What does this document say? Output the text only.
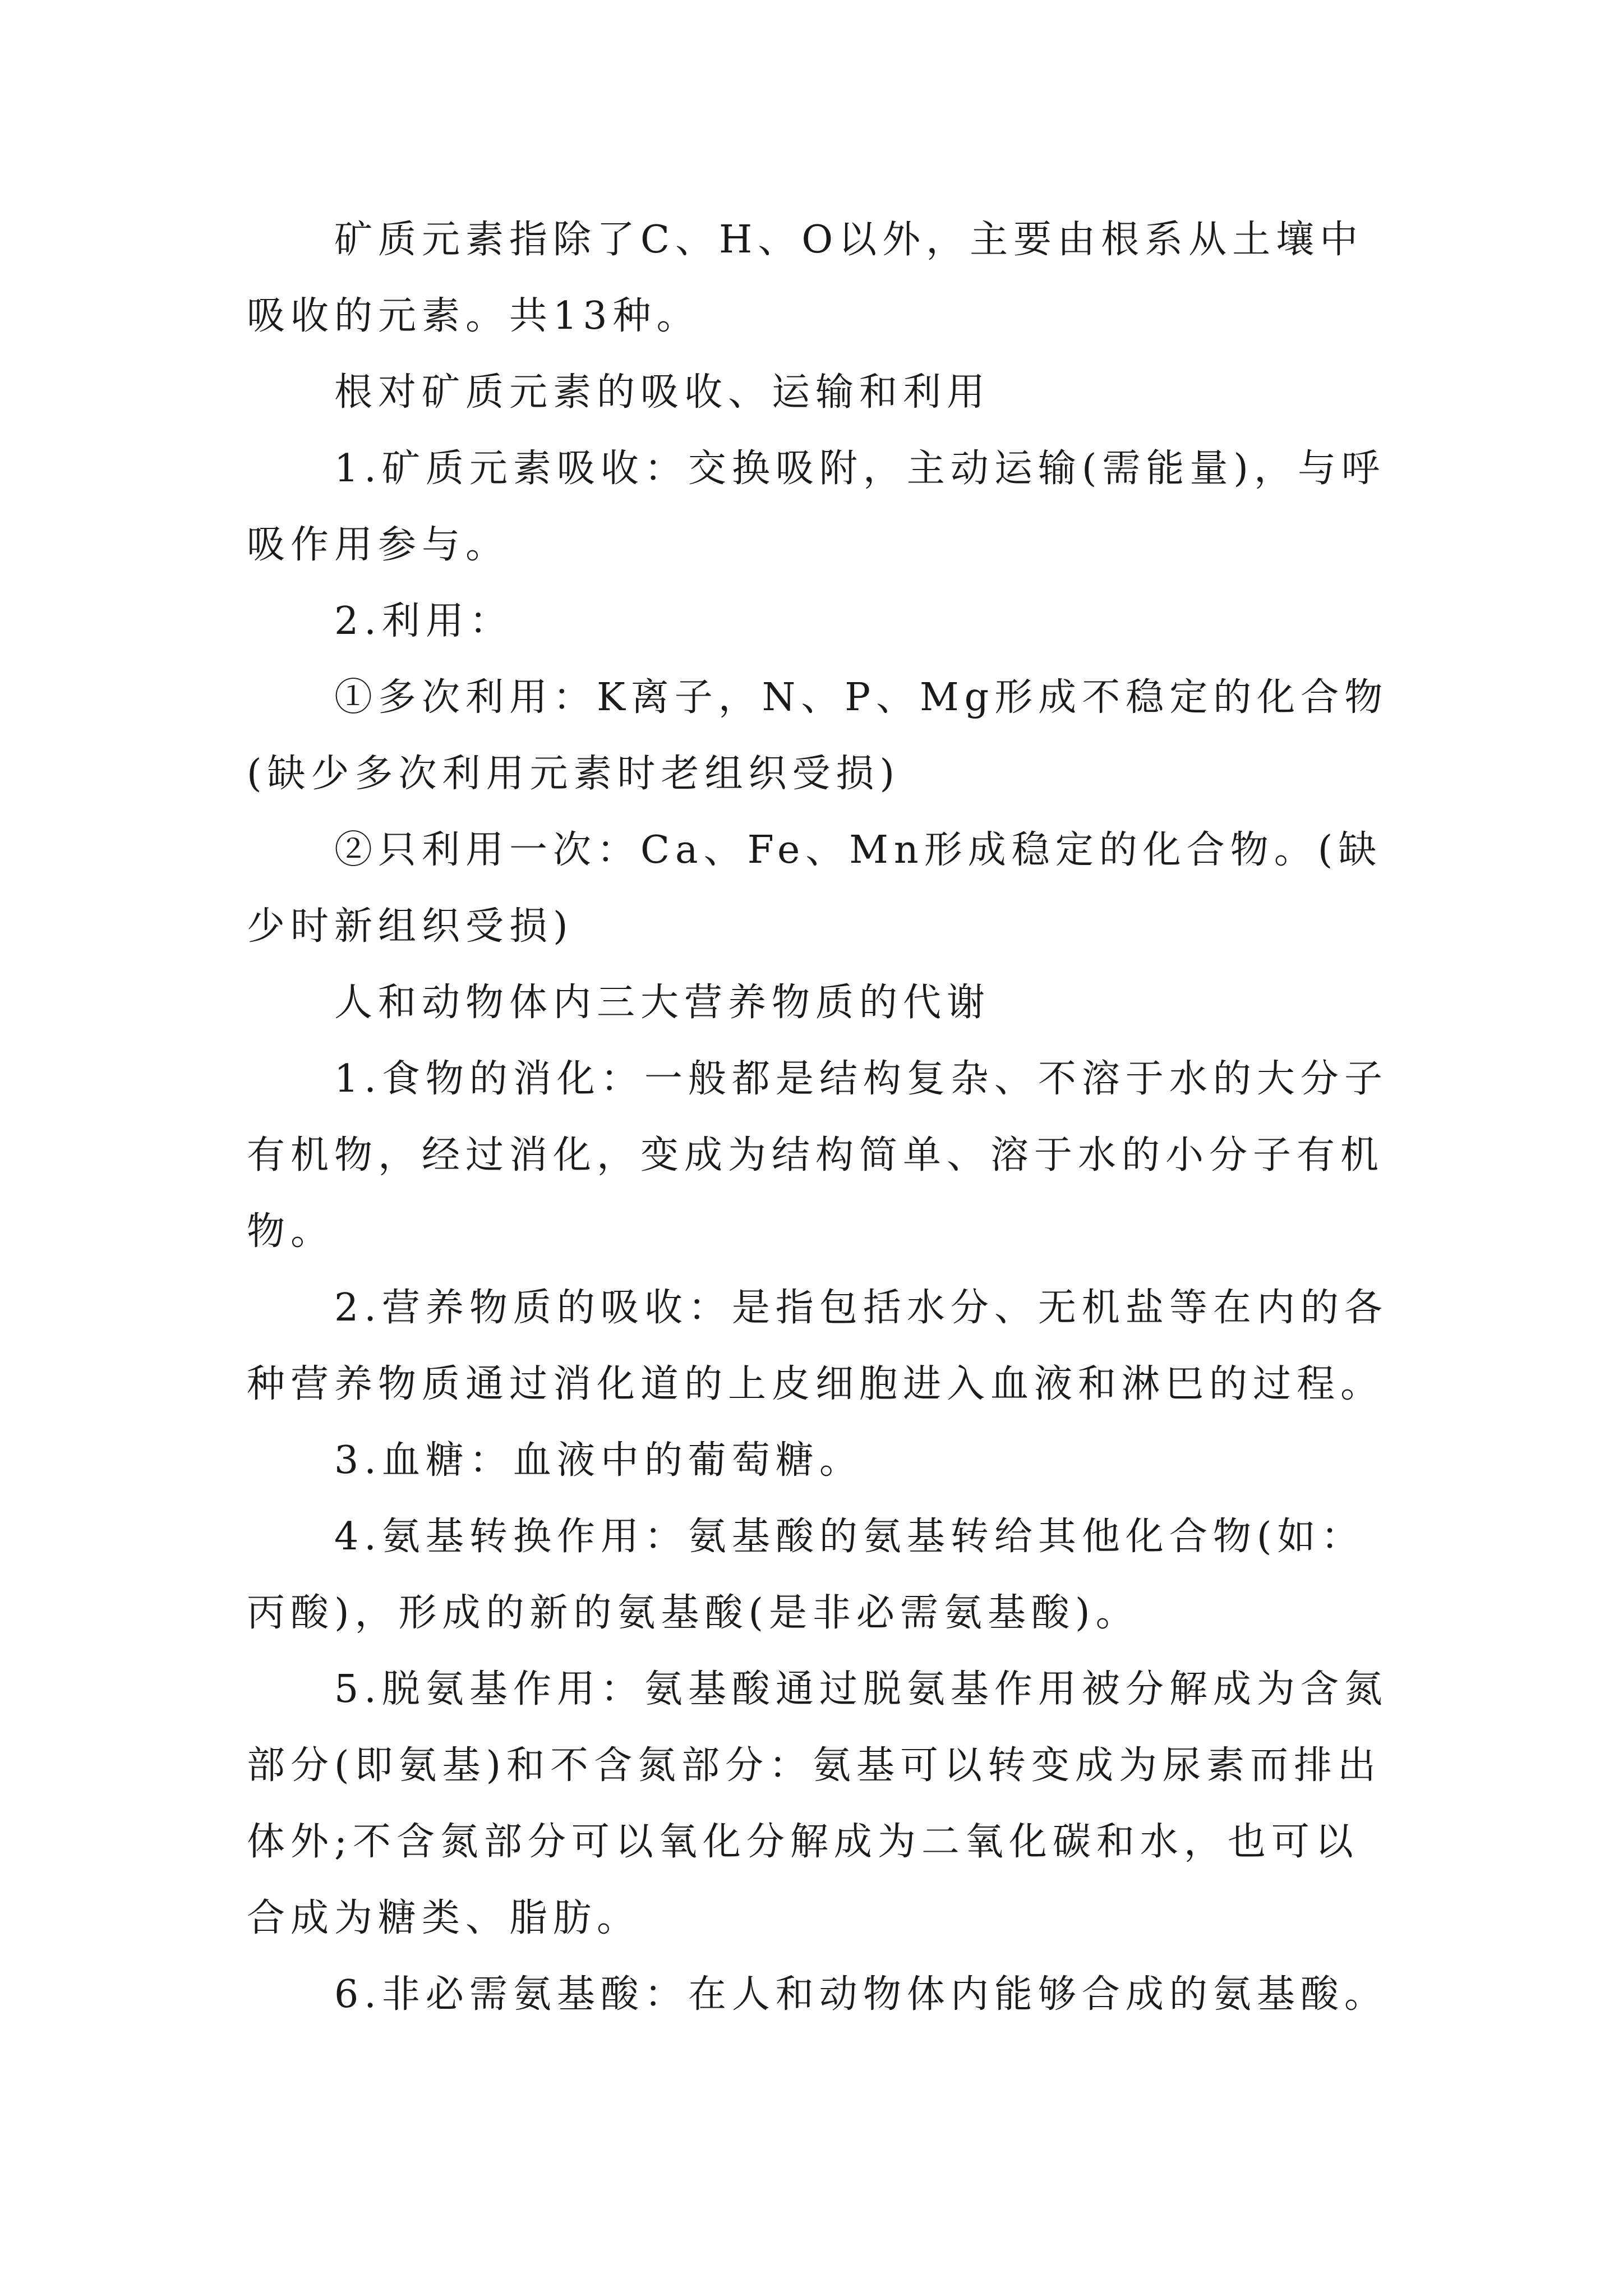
矿质元素指除了C、H、O以外，主要由根系从土壤中吸收的元素。共13种。

根对矿质元素的吸收、运输和利用

1.矿质元素吸收：交换吸附，主动运输(需能量)，与呼吸作用参与。

2.利用：

①多次利用：K离子，N、P、Mg形成不稳定的化合物(缺少多次利用元素时老组织受损)

②只利用一次：Ca、Fe、Mn形成稳定的化合物。(缺少时新组织受损)

人和动物体内三大营养物质的代谢

1.食物的消化：一般都是结构复杂、不溶于水的大分子有机物，经过消化，变成为结构简单、溶于水的小分子有机物。

2.营养物质的吸收：是指包括水分、无机盐等在内的各种营养物质通过消化道的上皮细胞进入血液和淋巴的过程。

3.血糖：血液中的葡萄糖。

4.氨基转换作用：氨基酸的氨基转给其他化合物(如：丙酸)，形成的新的氨基酸(是非必需氨基酸)。

5.脱氨基作用：氨基酸通过脱氨基作用被分解成为含氮部分(即氨基)和不含氮部分：氨基可以转变成为尿素而排出体外;不含氮部分可以氧化分解成为二氧化碳和水，也可以合成为糖类、脂肪。

6.非必需氨基酸：在人和动物体内能够合成的氨基酸。
